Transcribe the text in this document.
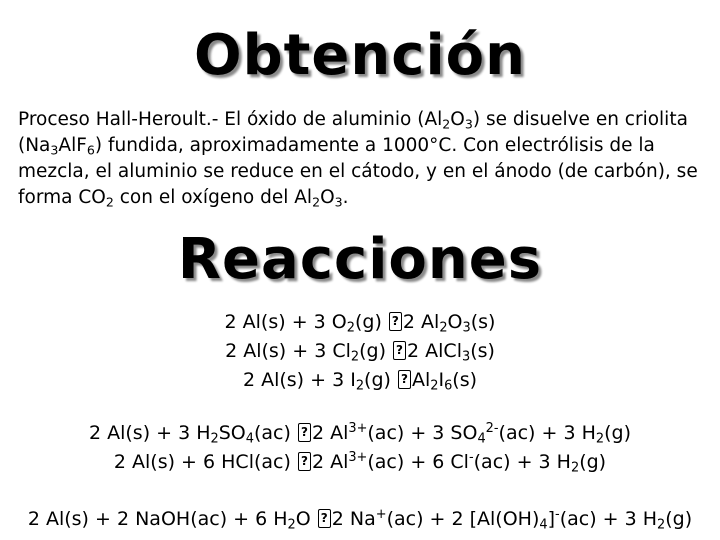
Obtención

Proceso Hall-Heroult.- El óxido de aluminio $(Al_2O_3)$ se disuelve en criolita $(Na_3AlF_6)$ fundida, aproximadamente a 1000°C. Con electrólisis de la mezcla, el aluminio se reduce en el cátodo, y en el ánodo (de carbón), se forma $CO_2$ con el oxígeno del $Al_2O_3$.

Reacciones

2 Al(s) + 3 $O_2(g)$ ?2 $Al_2O_3(s)$

2 Al(s) + 3 $Cl_2(g)$ ?2 AlCl$_3$(s)

2 Al(s) + 3 $I_2(g)$ $?Al_2I_6(s)$

2 Al(s) + 3 $H_2SO_4(ac)$ ?2 $Al^{3+}(ac) + 3$ $SO_4^{2-}(ac) + 3$ $H_2(g)$

2 Al(s) + 6 HCl(ac) ?2 $Al^{3+}(ac) + 6$ Cl-(ac) + 3 $H_2(g)$

2 Al(s) + 2 NaOH(ac) + 6 $H_2O$ ?2 Na+(ac) + 2 $[Al(OH)_4]^-(ac) + 3$ $H_2(g)$
